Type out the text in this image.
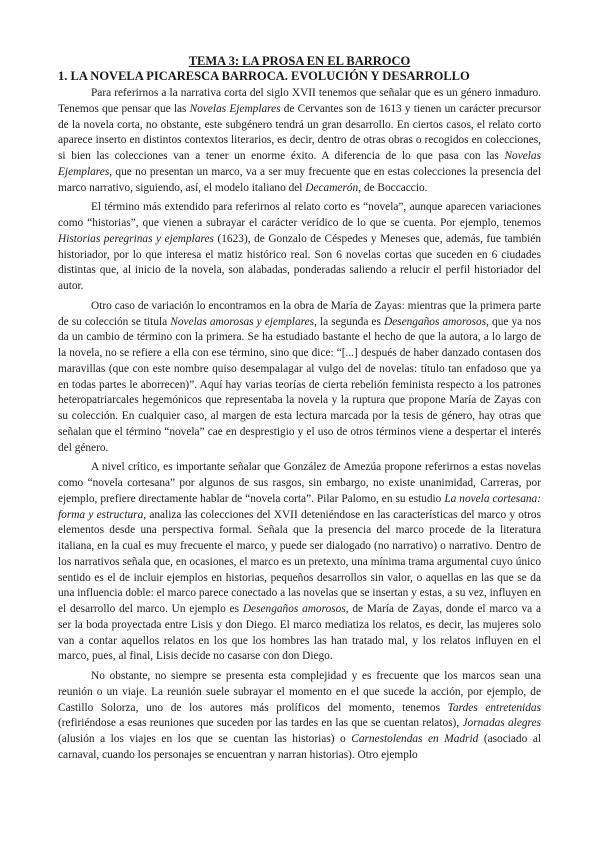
TEMA 3: LA PROSA EN EL BARROCO

1. LA NOVELA PICARESCA BARROCA. EVOLUCIÓN Y DESARROLLO

Para referirnos a la narrativa corta del siglo XVII tenemos que señalar que es un género inmaduro. Tenemos que pensar que las Novelas Ejemplares de Cervantes son de 1613 y tienen un carácter precursor de la novela corta, no obstante, este subgénero tendrá un gran desarrollo. En ciertos casos, el relato corto aparece inserto en distintos contextos literarios, es decir, dentro de otras obras o recogidos en colecciones, si bien las colecciones van a tener un enorme éxito. A diferencia de lo que pasa con las Novelas Ejemplares, que no presentan un marco, va a ser muy frecuente que en estas colecciones la presencia del marco narrativo, siguiendo, así, el modelo italiano del Decamerón, de Boccaccio.

El término más extendido para referirnos al relato corto es “novela”, aunque aparecen variaciones como “historias”, que vienen a subrayar el carácter verídico de lo que se cuenta. Por ejemplo, tenemos Historias peregrinas y ejemplares (1623), de Gonzalo de Céspedes y Meneses que, además, fue también historiador, por lo que interesa el matiz histórico real. Son 6 novelas cortas que suceden en 6 ciudades distintas que, al inicio de la novela, son alabadas, ponderadas saliendo a relucir el perfil historiador del autor.

Otro caso de variación lo encontramos en la obra de María de Zayas: mientras que la primera parte de su colección se titula Novelas amorosas y ejemplares, la segunda es Desengaños amorosos, que ya nos da un cambio de término con la primera. Se ha estudiado bastante el hecho de que la autora, a lo largo de la novela, no se refiere a ella con ese término, sino que dice: “[...] después de haber danzado contasen dos maravillas (que con este nombre quiso desempalagar al vulgo del de novelas: título tan enfadoso que ya en todas partes le aborrecen)”. Aquí hay varias teorías de cierta rebelión feminista respecto a los patrones heteropatriarcales hegemónicos que representaba la novela y la ruptura que propone María de Zayas con su colección. En cualquier caso, al margen de esta lectura marcada por la tesis de género, hay otras que señalan que el término “novela” cae en desprestigio y el uso de otros términos viene a despertar el interés del género.

A nivel crítico, es importante señalar que González de Amezúa propone referirnos a estas novelas como “novela cortesana” por algunos de sus rasgos, sin embargo, no existe unanimidad, Carreras, por ejemplo, prefiere directamente hablar de “novela corta”. Pilar Palomo, en su estudio La novela cortesana: forma y estructura, analiza las colecciones del XVII deteniéndose en las características del marco y otros elementos desde una perspectiva formal. Señala que la presencia del marco procede de la literatura italiana, en la cual es muy frecuente el marco, y puede ser dialogado (no narrativo) o narrativo. Dentro de los narrativos señala que, en ocasiones, el marco es un pretexto, una mínima trama argumental cuyo único sentido es el de incluir ejemplos en historias, pequeños desarrollos sin valor, o aquellas en las que se da una influencia doble: el marco parece conectado a las novelas que se insertan y estas, a su vez, influyen en el desarrollo del marco. Un ejemplo es Desengaños amorosos, de María de Zayas, donde el marco va a ser la boda proyectada entre Lisis y don Diego. El marco mediatiza los relatos, es decir, las mujeres solo van a contar aquellos relatos en los que los hombres las han tratado mal, y los relatos influyen en el marco, pues, al final, Lisis decide no casarse con don Diego.

No obstante, no siempre se presenta esta complejidad y es frecuente que los marcos sean una reunión o un viaje. La reunión suele subrayar el momento en el que sucede la acción, por ejemplo, de Castillo Solorza, uno de los autores más prolíficos del momento, tenemos Tardes entretenidas (refiriéndose a esas reuniones que suceden por las tardes en las que se cuentan relatos), Jornadas alegres (alusión a los viajes en los que se cuentan las historias) o Carnestolendas en Madrid (asociado al carnaval, cuando los personajes se encuentran y narran historias). Otro ejemplo
